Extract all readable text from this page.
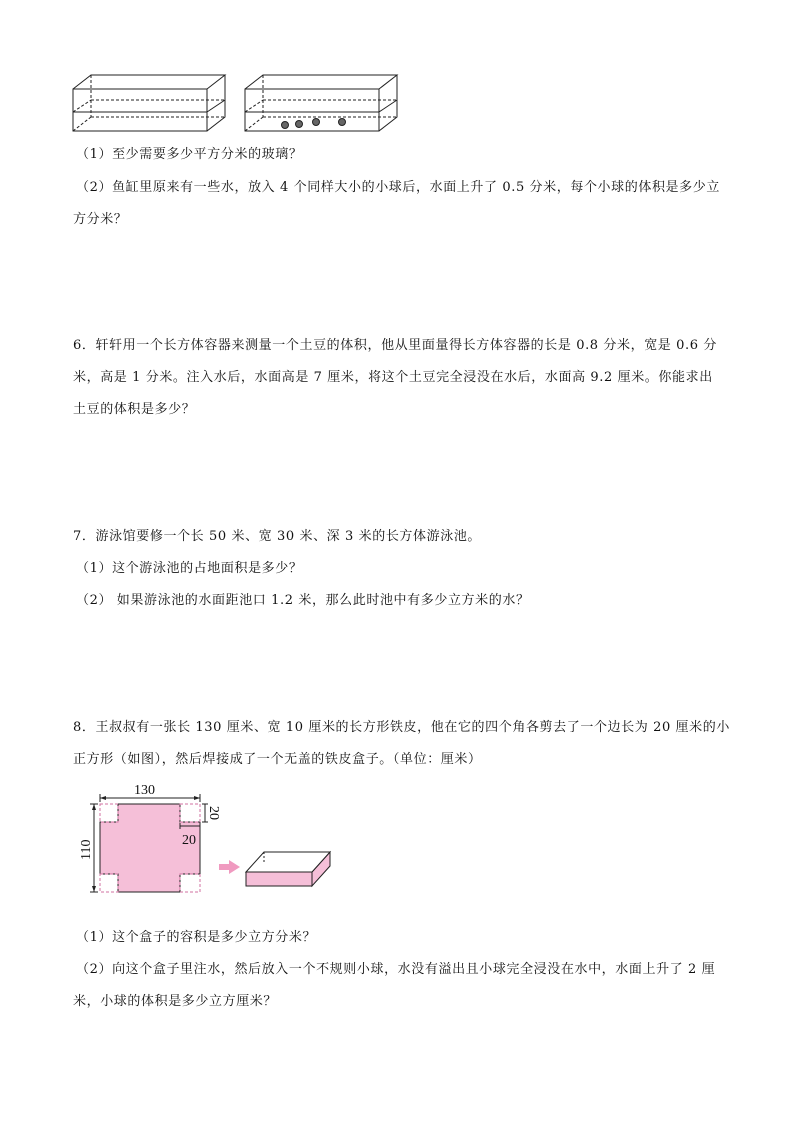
（1）至少需要多少平方分米的玻璃？
（2）鱼缸里原来有一些水，放入 4 个同样大小的小球后，水面上升了 0.5 分米，每个小球的体积是多少立
方分米？
6．轩轩用一个长方体容器来测量一个土豆的体积，他从里面量得长方体容器的长是 0.8 分米，宽是 0.6 分
米，高是 1 分米。注入水后，水面高是 7 厘米，将这个土豆完全浸没在水后，水面高 9.2 厘米。你能求出
土豆的体积是多少？
7．游泳馆要修一个长 50 米、宽 30 米、深 3 米的长方体游泳池。
（1）这个游泳池的占地面积是多少？
（2） 如果游泳池的水面距池口 1.2 米，那么此时池中有多少立方米的水？
8．王叔叔有一张长 130 厘米、宽 10 厘米的长方形铁皮，他在它的四个角各剪去了一个边长为 20 厘米的小
正方形（如图），然后焊接成了一个无盖的铁皮盒子。（单位：厘米）
130
110
20
20
（1）这个盒子的容积是多少立方分米？
（2）向这个盒子里注水，然后放入一个不规则小球，水没有溢出且小球完全浸没在水中，水面上升了 2 厘
米，小球的体积是多少立方厘米？
